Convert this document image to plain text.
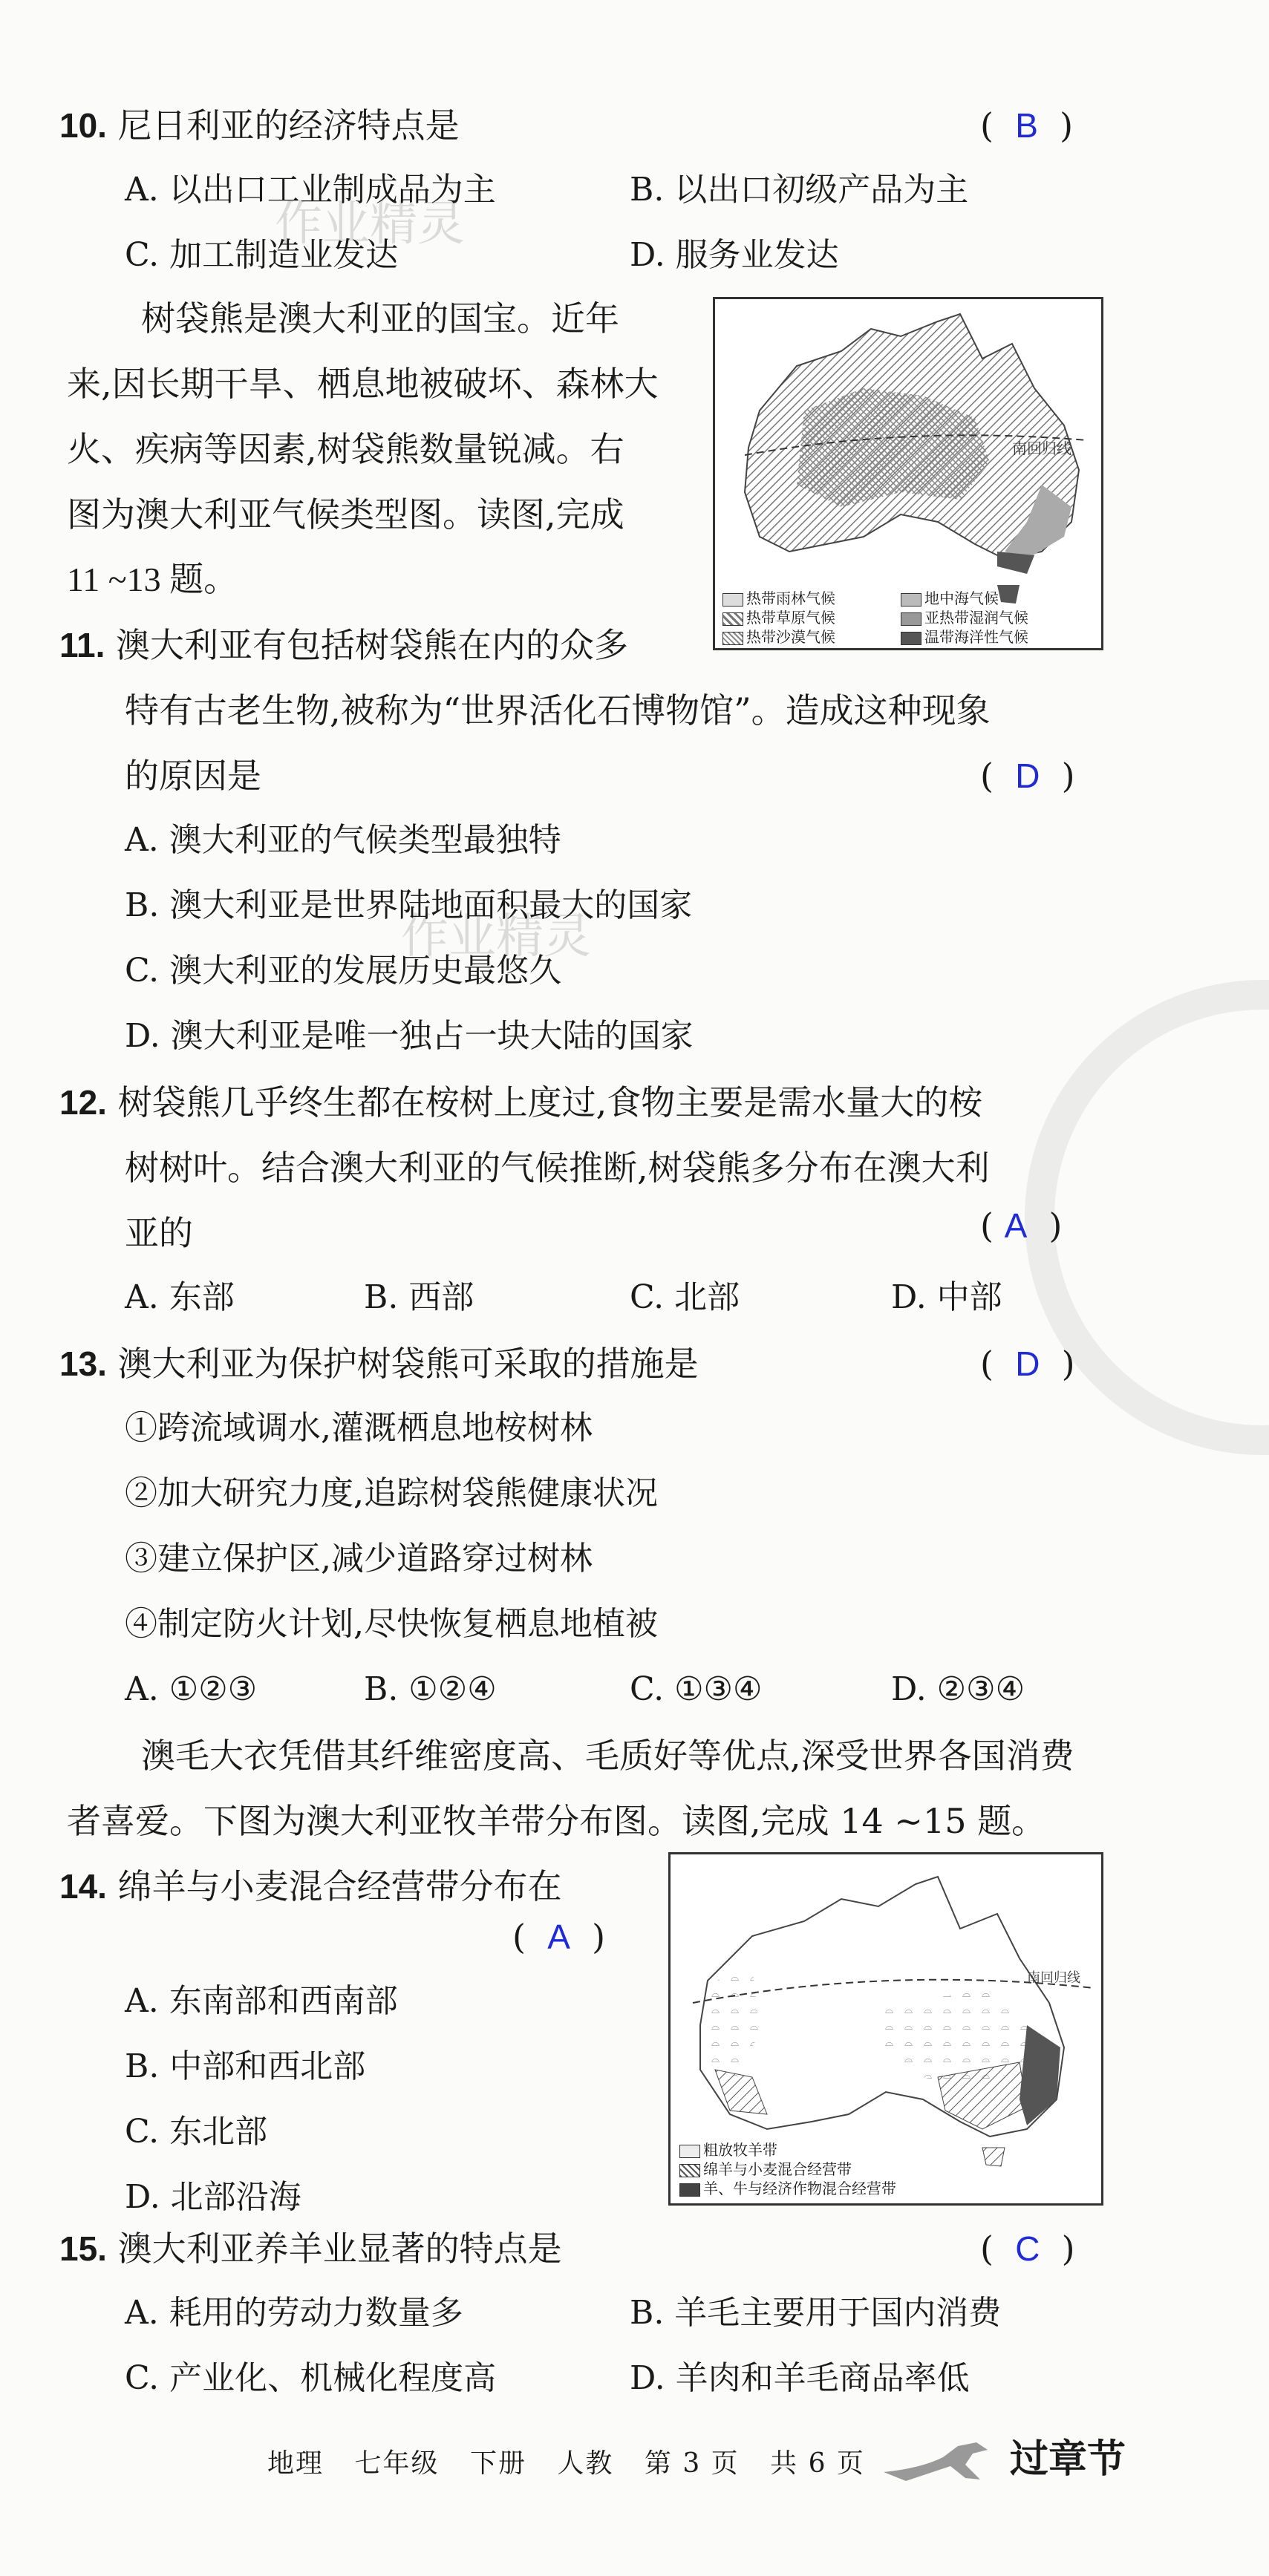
作业精灵
作业精灵
10. 尼日利亚的经济特点是	(  B  )
A. 以出口工业制成品为主	B. 以出口初级产品为主
C. 加工制造业发达	D. 服务业发达
树袋熊是澳大利亚的国宝。近年
来,因长期干旱、栖息地被破坏、森林大
火、疾病等因素,树袋熊数量锐减。右
图为澳大利亚气候类型图。读图,完成
11 ~13 题。
南回归线
热带雨林气候	地中海气候
热带草原气候	亚热带湿润气候
热带沙漠气候	温带海洋性气候
11. 澳大利亚有包括树袋熊在内的众多
特有古老生物,被称为“世界活化石博物馆”。造成这种现象
的原因是	(  D  )
A. 澳大利亚的气候类型最独特
B. 澳大利亚是世界陆地面积最大的国家
C. 澳大利亚的发展历史最悠久
D. 澳大利亚是唯一独占一块大陆的国家
12. 树袋熊几乎终生都在桉树上度过,食物主要是需水量大的桉
树树叶。结合澳大利亚的气候推断,树袋熊多分布在澳大利
亚的	( A  )
A. 东部	B. 西部	C. 北部	D. 中部
13. 澳大利亚为保护树袋熊可采取的措施是	(  D  )
①跨流域调水,灌溉栖息地桉树林
②加大研究力度,追踪树袋熊健康状况
③建立保护区,减少道路穿过树林
④制定防火计划,尽快恢复栖息地植被
A. ①②③	B. ①②④	C. ①③④	D. ②③④
澳毛大衣凭借其纤维密度高、毛质好等优点,深受世界各国消费
者喜爱。下图为澳大利亚牧羊带分布图。读图,完成 14 ~15 题。
14. 绵羊与小麦混合经营带分布在
(  A  )
A. 东南部和西南部
B. 中部和西北部
C. 东北部
D. 北部沿海
南回归线
粗放牧羊带
绵羊与小麦混合经营带
羊、牛与经济作物混合经营带
15. 澳大利亚养羊业显著的特点是	(  C  )
A. 耗用的劳动力数量多	B. 羊毛主要用于国内消费
C. 产业化、机械化程度高	D. 羊肉和羊毛商品率低
地理 七年级 下册 人教 第 3 页 共 6 页	过章节
